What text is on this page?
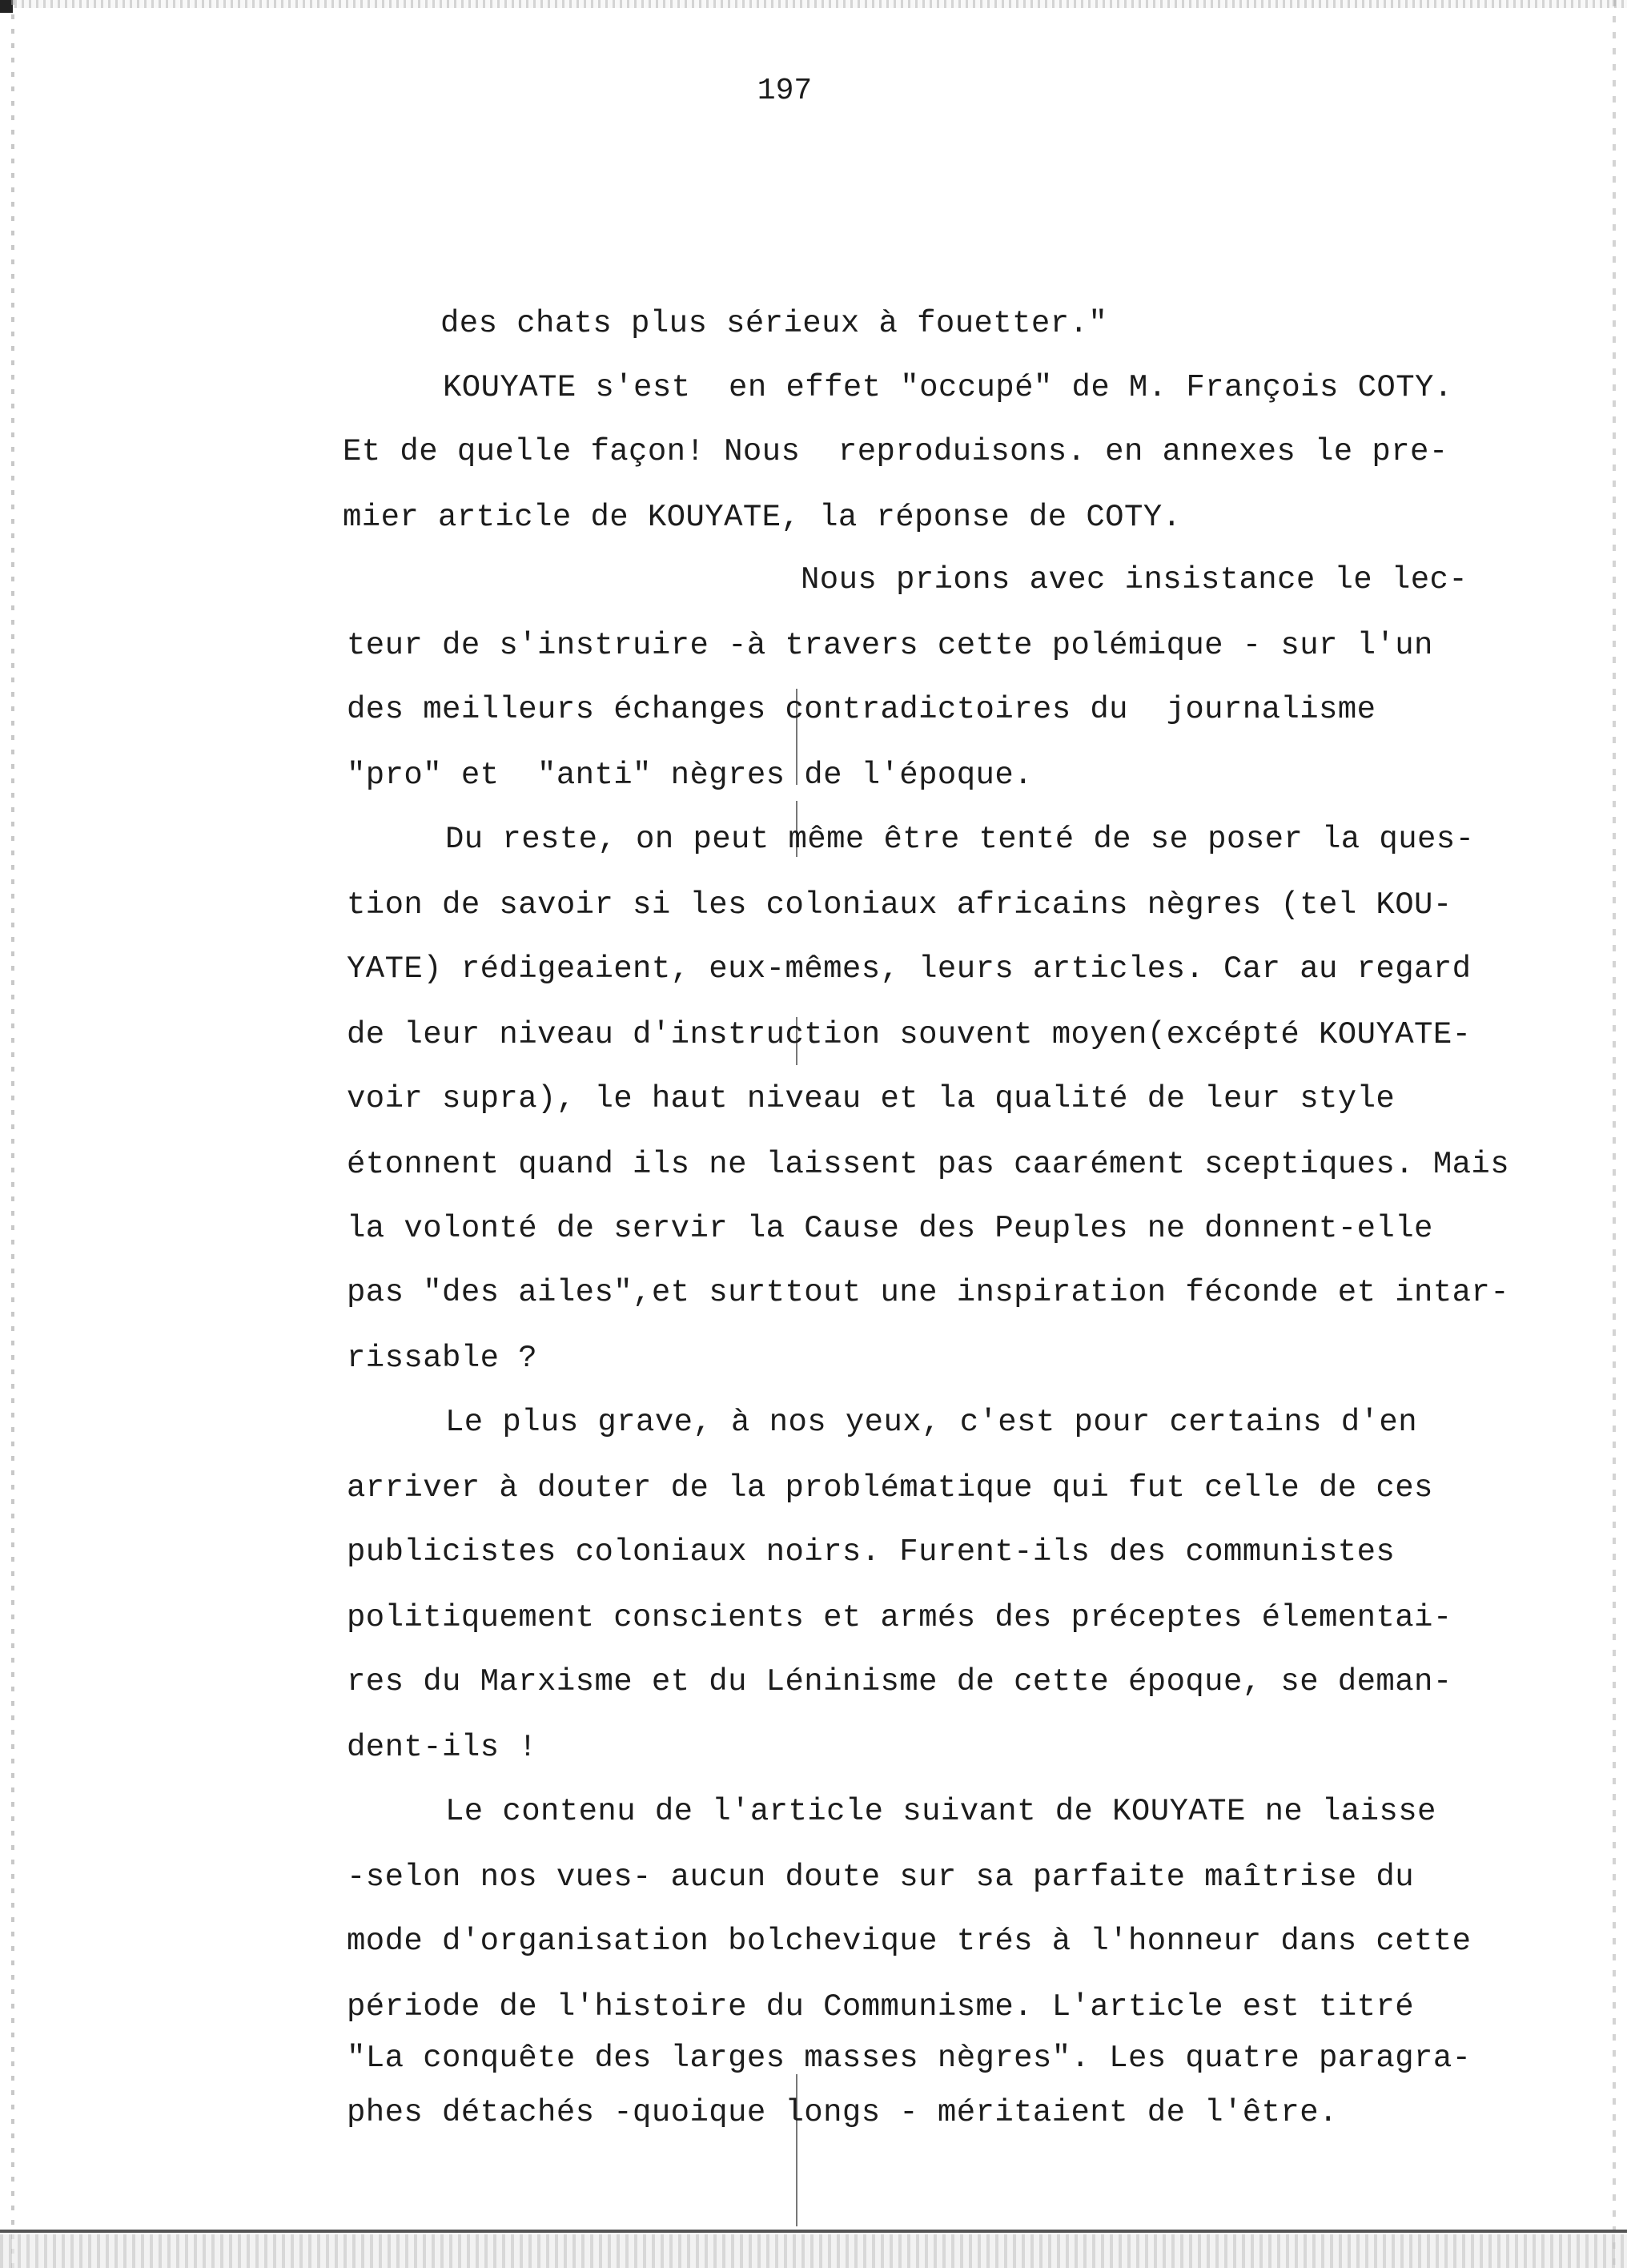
197
des chats plus sérieux à fouetter."
KOUYATE s'est  en effet "occupé" de M. François COTY.
Et de quelle façon! Nous  reproduisons. en annexes le pre-
mier article de KOUYATE, la réponse de COTY.
Nous prions avec insistance le lec-
teur de s'instruire -à travers cette polémique - sur l'un
des meilleurs échanges contradictoires du  journalisme
"pro" et  "anti" nègres de l'époque.
Du reste, on peut même être tenté de se poser la ques-
tion de savoir si les coloniaux africains nègres (tel KOU-
YATE) rédigeaient, eux-mêmes, leurs articles. Car au regard
de leur niveau d'instruction souvent moyen(excépté KOUYATE-
voir supra), le haut niveau et la qualité de leur style
étonnent quand ils ne laissent pas caarément sceptiques. Mais
la volonté de servir la Cause des Peuples ne donnent-elle
pas "des ailes",et surttout une inspiration féconde et intar-
rissable ?
Le plus grave, à nos yeux, c'est pour certains d'en
arriver à douter de la problématique qui fut celle de ces
publicistes coloniaux noirs. Furent-ils des communistes
politiquement conscients et armés des préceptes élementai-
res du Marxisme et du Léninisme de cette époque, se deman-
dent-ils !
Le contenu de l'article suivant de KOUYATE ne laisse
-selon nos vues- aucun doute sur sa parfaite maîtrise du
mode d'organisation bolchevique trés à l'honneur dans cette
période de l'histoire du Communisme. L'article est titré
"La conquête des larges masses nègres". Les quatre paragra-
phes détachés -quoique longs - méritaient de l'être.
